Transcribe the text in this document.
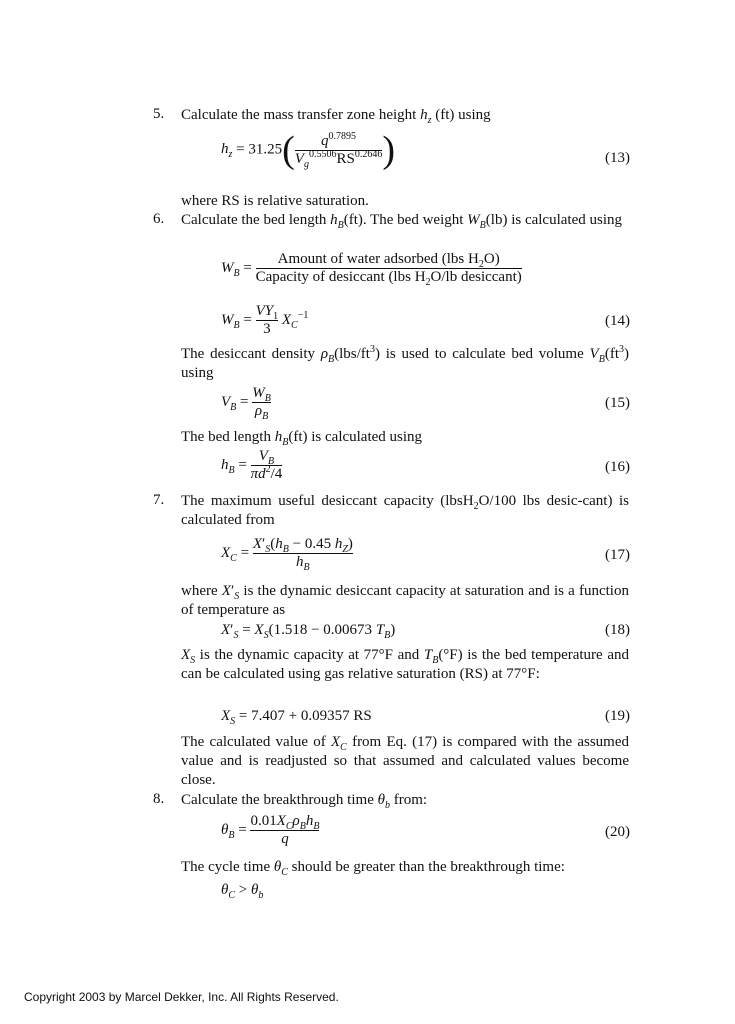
5. Calculate the mass transfer zone height $h_z$ (ft) using
$h_z = 31.25( \frac{q^{0.7895}}{V_g^{0.5506}RS^{0.2646}}$ )	(13)
where RS is relative saturation.
6. Calculate the bed length $h_B(ft)$. The bed weight $W_B(lb)$ is calculated using
$W_B = \frac{Amount of water adsorbed (lbs H_2O)}{Capacity of desiccant (lbs H_2O/lb desiccant)}$
$W_B = \frac{VY_1}{3} X_C^{-1}$	(14)
The desiccant density $\rho_B(lbs/ft^3)$ is used to calculate bed volume $V_B(ft^3)$ using
$V_B = \frac{W_B}{\rho_B}$	(15)
The bed length $h_B(ft)$ is calculated using
$h_B = \frac{V_B}{\pi d^2/4}$	(16)
7. The maximum useful desiccant capacity (lbsH$_2$O/100 lbs desic-cant) is calculated from
$X_C = \frac{X'_S(h_B - 0.45 h_Z)}{h_B}$	(17)
where $X'_S$ is the dynamic desiccant capacity at saturation and is a function of temperature as
$X'_S = X_S(1.518 - 0.00673$ $T_B$)	(18)
$X_S$ is the dynamic capacity at 77°F and $T_B(^\circ F)$ is the bed temperature and can be calculated using gas relative saturation (RS) at 77°F:
$X_S = 7.407 + 0.09357$ RS	(19)
The calculated value of $X_C$ from Eq. (17) is compared with the assumed value and is readjusted so that assumed and calculated values become close.
8. Calculate the breakthrough time $\theta_b$ from:
$\theta_B = \frac{0.01X_C\rho_Bh_B}{q}$	(20)
The cycle time $\theta_C$ should be greater than the breakthrough time:
$\theta_C > \theta_b$
Copyright 2003 by Marcel Dekker, Inc. All Rights Reserved.
